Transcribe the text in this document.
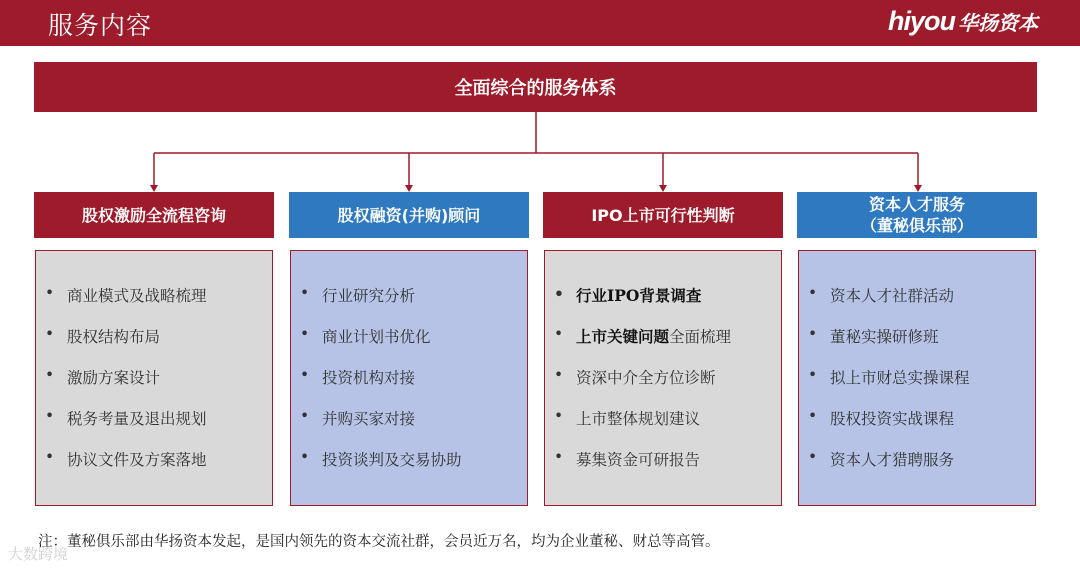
服务内容	hiyou 华扬资本
全面综合的服务体系
股权激励全流程咨询
• 商业模式及战略梳理
• 股权结构布局
• 激励方案设计
• 税务考量及退出规划
• 协议文件及方案落地
股权融资(并购)顾问
• 行业研究分析
• 商业计划书优化
• 投资机构对接
• 并购买家对接
• 投资谈判及交易协助
IPO上市可行性判断
• 行业IPO背景调查
• 上市关键问题 全面梳理
• 资深中介全方位诊断
• 上市整体规划建议
• 募集资金可研报告
资本人才服务
（董秘俱乐部）
• 资本人才社群活动
• 董秘实操研修班
• 拟上市财总实操课程
• 股权投资实战课程
• 资本人才猎聘服务
注：董秘俱乐部由华扬资本发起，是国内领先的资本交流社群，会员近万名，均为企业董秘、财总等高管。
大数跨境
